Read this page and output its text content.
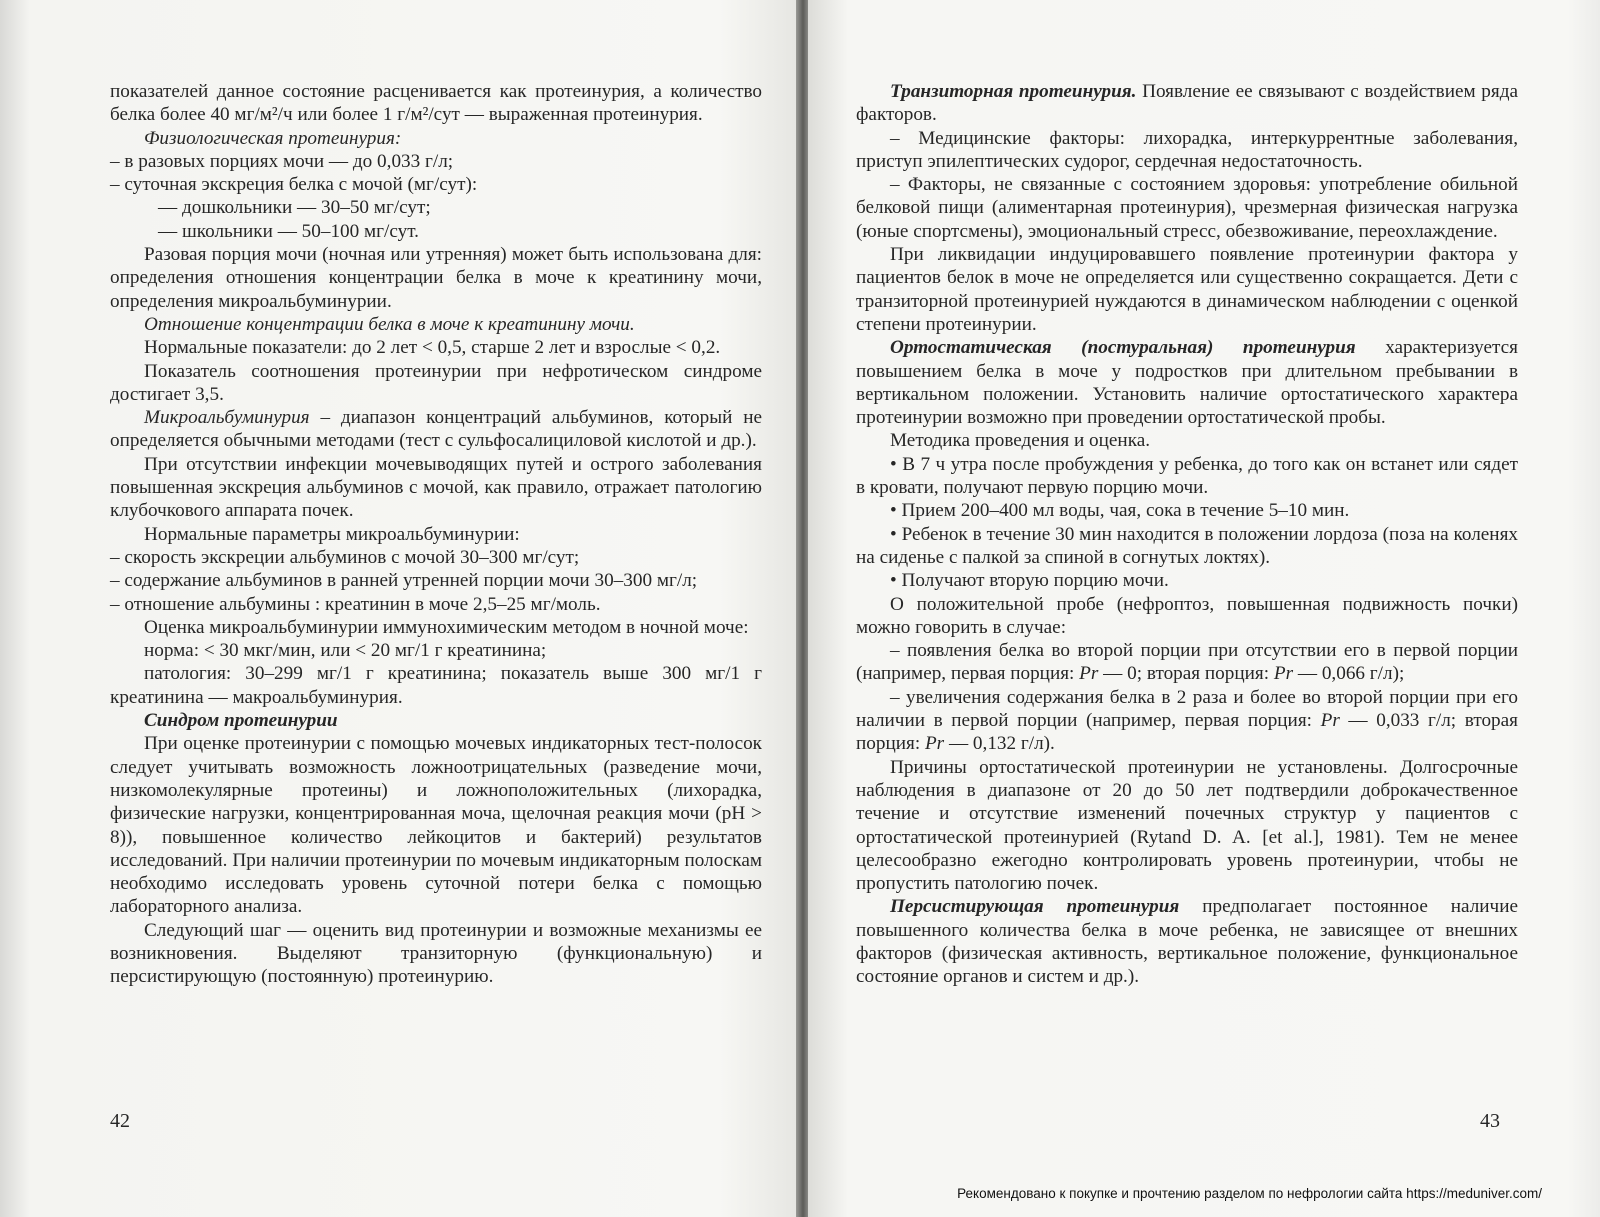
показателей данное состояние расценивается как протеинурия, а количество белка более 40 мг/м²/ч или более 1 г/м²/сут — выраженная протеинурия.

Физиологическая протеинурия:

– в разовых порциях мочи — до 0,033 г/л;

– суточная экскреция белка с мочой (мг/сут):

— дошкольники — 30–50 мг/сут;

— школьники — 50–100 мг/сут.

Разовая порция мочи (ночная или утренняя) может быть использована для: определения отношения концентрации белка в моче к креатинину мочи, определения микроальбуминурии.

Отношение концентрации белка в моче к креатинину мочи.

Нормальные показатели: до 2 лет < 0,5, старше 2 лет и взрослые < 0,2.

Показатель соотношения протеинурии при нефротическом синдроме достигает 3,5.

Микроальбуминурия – диапазон концентраций альбуминов, который не определяется обычными методами (тест с сульфосалициловой кислотой и др.).

При отсутствии инфекции мочевыводящих путей и острого заболевания повышенная экскреция альбуминов с мочой, как правило, отражает патологию клубочкового аппарата почек.

Нормальные параметры микроальбуминурии:

– скорость экскреции альбуминов с мочой 30–300 мг/сут;

– содержание альбуминов в ранней утренней порции мочи 30–300 мг/л;

– отношение альбумины : креатинин в моче 2,5–25 мг/моль.

Оценка микроальбуминурии иммунохимическим методом в ночной моче:

норма: < 30 мкг/мин, или < 20 мг/1 г креатинина;

патология: 30–299 мг/1 г креатинина; показатель выше 300 мг/1 г креатинина — макроальбуминурия.

Синдром протеинурии

При оценке протеинурии с помощью мочевых индикаторных тест-полосок следует учитывать возможность ложноотрицательных (разведение мочи, низкомолекулярные протеины) и ложноположительных (лихорадка, физические нагрузки, концентрированная моча, щелочная реакция мочи (pH > 8)), повышенное количество лейкоцитов и бактерий) результатов исследований. При наличии протеинурии по мочевым индикаторным полоскам необходимо исследовать уровень суточной потери белка с помощью лабораторного анализа.

Следующий шаг — оценить вид протеинурии и возможные механизмы ее возникновения. Выделяют транзиторную (функциональную) и персистирующую (постоянную) протеинурию.

42

Транзиторная протеинурия. Появление ее связывают с воздействием ряда факторов.

– Медицинские факторы: лихорадка, интеркуррентные заболевания, приступ эпилептических судорог, сердечная недостаточность.

– Факторы, не связанные с состоянием здоровья: употребление обильной белковой пищи (алиментарная протеинурия), чрезмерная физическая нагрузка (юные спортсмены), эмоциональный стресс, обезвоживание, переохлаждение.

При ликвидации индуцировавшего появление протеинурии фактора у пациентов белок в моче не определяется или существенно сокращается. Дети с транзиторной протеинурией нуждаются в динамическом наблюдении с оценкой степени протеинурии.

Ортостатическая (постуральная) протеинурия характеризуется повышением белка в моче у подростков при длительном пребывании в вертикальном положении. Установить наличие ортостатического характера протеинурии возможно при проведении ортостатической пробы.

Методика проведения и оценка.

• В 7 ч утра после пробуждения у ребенка, до того как он встанет или сядет в кровати, получают первую порцию мочи.

• Прием 200–400 мл воды, чая, сока в течение 5–10 мин.

• Ребенок в течение 30 мин находится в положении лордоза (поза на коленях на сиденье с палкой за спиной в согнутых локтях).

• Получают вторую порцию мочи.

О положительной пробе (нефроптоз, повышенная подвижность почки) можно говорить в случае:

– появления белка во второй порции при отсутствии его в первой порции (например, первая порция: Pr — 0; вторая порция: Pr — 0,066 г/л);

– увеличения содержания белка в 2 раза и более во второй порции при его наличии в первой порции (например, первая порция: Pr — 0,033 г/л; вторая порция: Pr — 0,132 г/л).

Причины ортостатической протеинурии не установлены. Долгосрочные наблюдения в диапазоне от 20 до 50 лет подтвердили доброкачественное течение и отсутствие изменений почечных структур у пациентов с ортостатической протеинурией (Rytand D. A. [et al.], 1981). Тем не менее целесообразно ежегодно контролировать уровень протеинурии, чтобы не пропустить патологию почек.

Персистирующая протеинурия предполагает постоянное наличие повышенного количества белка в моче ребенка, не зависящее от внешних факторов (физическая активность, вертикальное положение, функциональное состояние органов и систем и др.).

43
Рекомендовано к покупке и прочтению разделом по нефрологии сайта https://meduniver.com/
